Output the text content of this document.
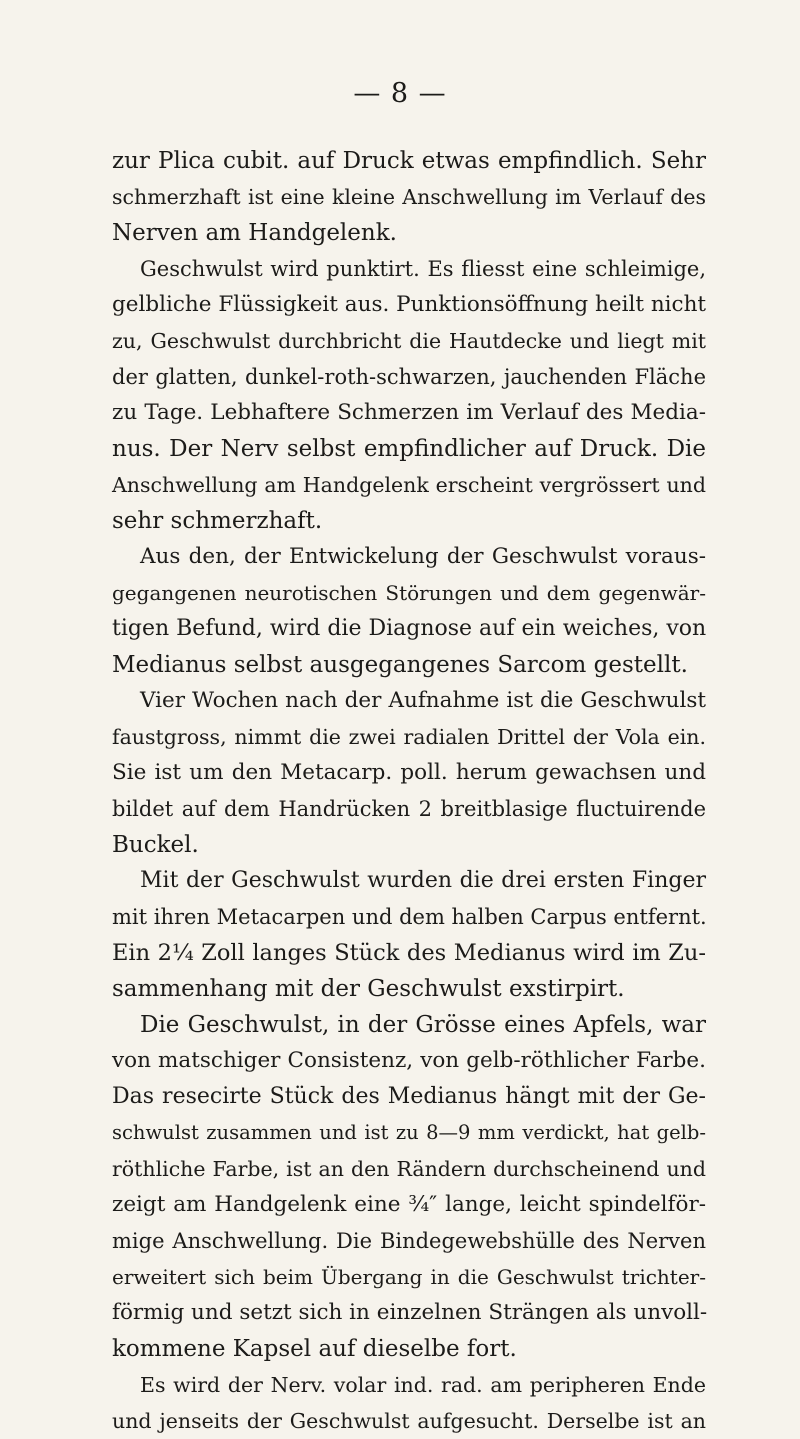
— 8 —
zur Plica cubit. auf Druck etwas empfindlich. Sehr
schmerzhaft ist eine kleine Anschwellung im Verlauf des
Nerven am Handgelenk.
Geschwulst wird punktirt. Es fliesst eine schleimige,
gelbliche Flüssigkeit aus. Punktionsöffnung heilt nicht
zu, Geschwulst durchbricht die Hautdecke und liegt mit
der glatten, dunkel-roth-schwarzen, jauchenden Fläche
zu Tage. Lebhaftere Schmerzen im Verlauf des Media-
nus. Der Nerv selbst empfindlicher auf Druck. Die
Anschwellung am Handgelenk erscheint vergrössert und
sehr schmerzhaft.
Aus den, der Entwickelung der Geschwulst voraus-
gegangenen neurotischen Störungen und dem gegenwär-
tigen Befund, wird die Diagnose auf ein weiches, von
Medianus selbst ausgegangenes Sarcom gestellt.
Vier Wochen nach der Aufnahme ist die Geschwulst
faustgross, nimmt die zwei radialen Drittel der Vola ein.
Sie ist um den Metacarp. poll. herum gewachsen und
bildet auf dem Handrücken 2 breitblasige fluctuirende
Buckel.
Mit der Geschwulst wurden die drei ersten Finger
mit ihren Metacarpen und dem halben Carpus entfernt.
Ein 2¼ Zoll langes Stück des Medianus wird im Zu-
sammenhang mit der Geschwulst exstirpirt.
Die Geschwulst, in der Grösse eines Apfels, war
von matschiger Consistenz, von gelb-röthlicher Farbe.
Das resecirte Stück des Medianus hängt mit der Ge-
schwulst zusammen und ist zu 8—9 mm verdickt, hat gelb-
röthliche Farbe, ist an den Rändern durchscheinend und
zeigt am Handgelenk eine ¾″ lange, leicht spindelför-
mige Anschwellung. Die Bindegewebshülle des Nerven
erweitert sich beim Übergang in die Geschwulst trichter-
förmig und setzt sich in einzelnen Strängen als unvoll-
kommene Kapsel auf dieselbe fort.
Es wird der Nerv. volar ind. rad. am peripheren Ende
und jenseits der Geschwulst aufgesucht. Derselbe ist an
